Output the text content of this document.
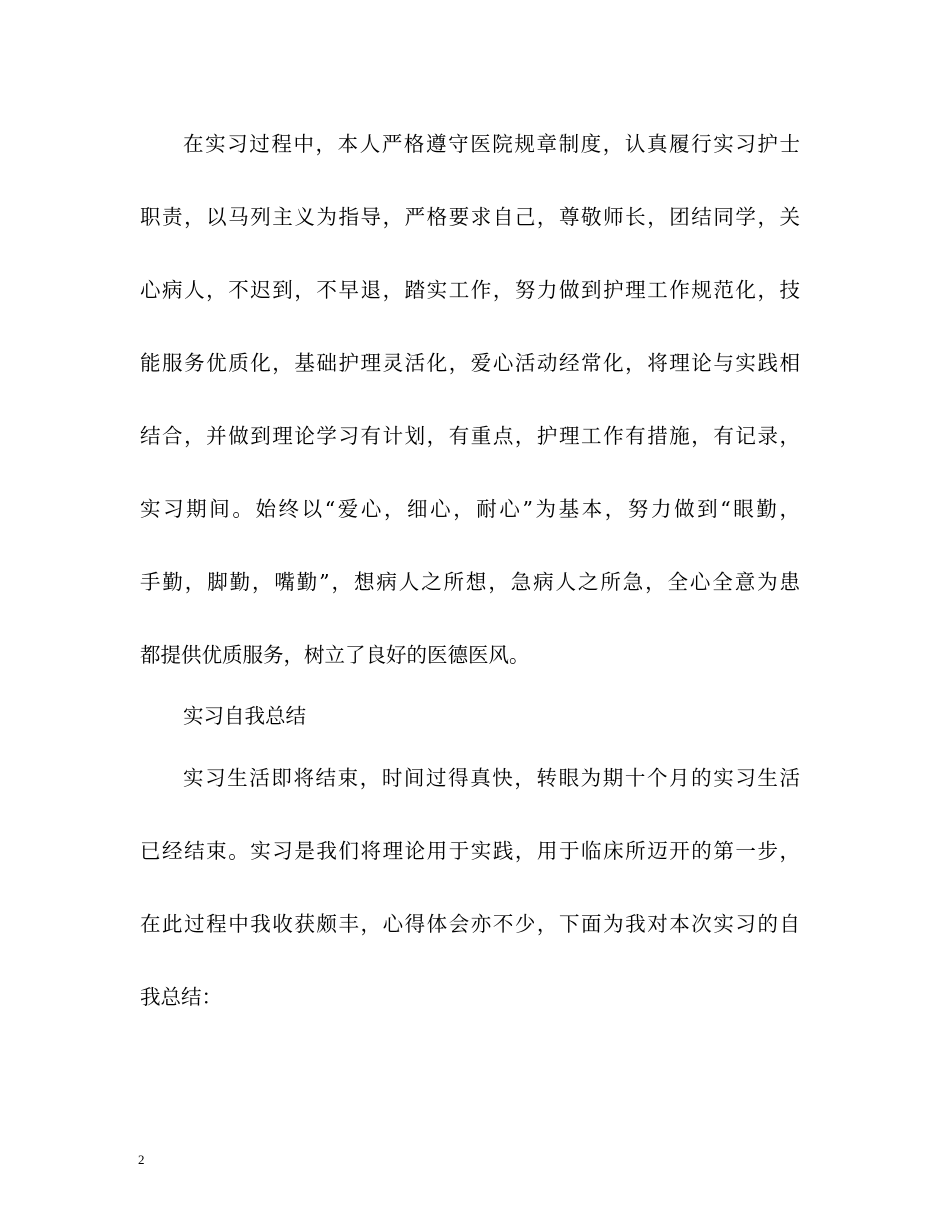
在实习过程中，本人严格遵守医院规章制度，认真履行实习护士
职责，以马列主义为指导，严格要求自己，尊敬师长，团结同学，关
心病人，不迟到，不早退，踏实工作，努力做到护理工作规范化，技
能服务优质化，基础护理灵活化，爱心活动经常化，将理论与实践相
结合，并做到理论学习有计划，有重点，护理工作有措施，有记录，
实习期间。始终以“爱心，细心，耐心”为基本，努力做到“眼勤，
手勤，脚勤，嘴勤”，想病人之所想，急病人之所急，全心全意为患
都提供优质服务，树立了良好的医德医风。
实习自我总结
实习生活即将结束，时间过得真快，转眼为期十个月的实习生活
已经结束。实习是我们将理论用于实践，用于临床所迈开的第一步，
在此过程中我收获颇丰，心得体会亦不少，下面为我对本次实习的自
我总结：
2
